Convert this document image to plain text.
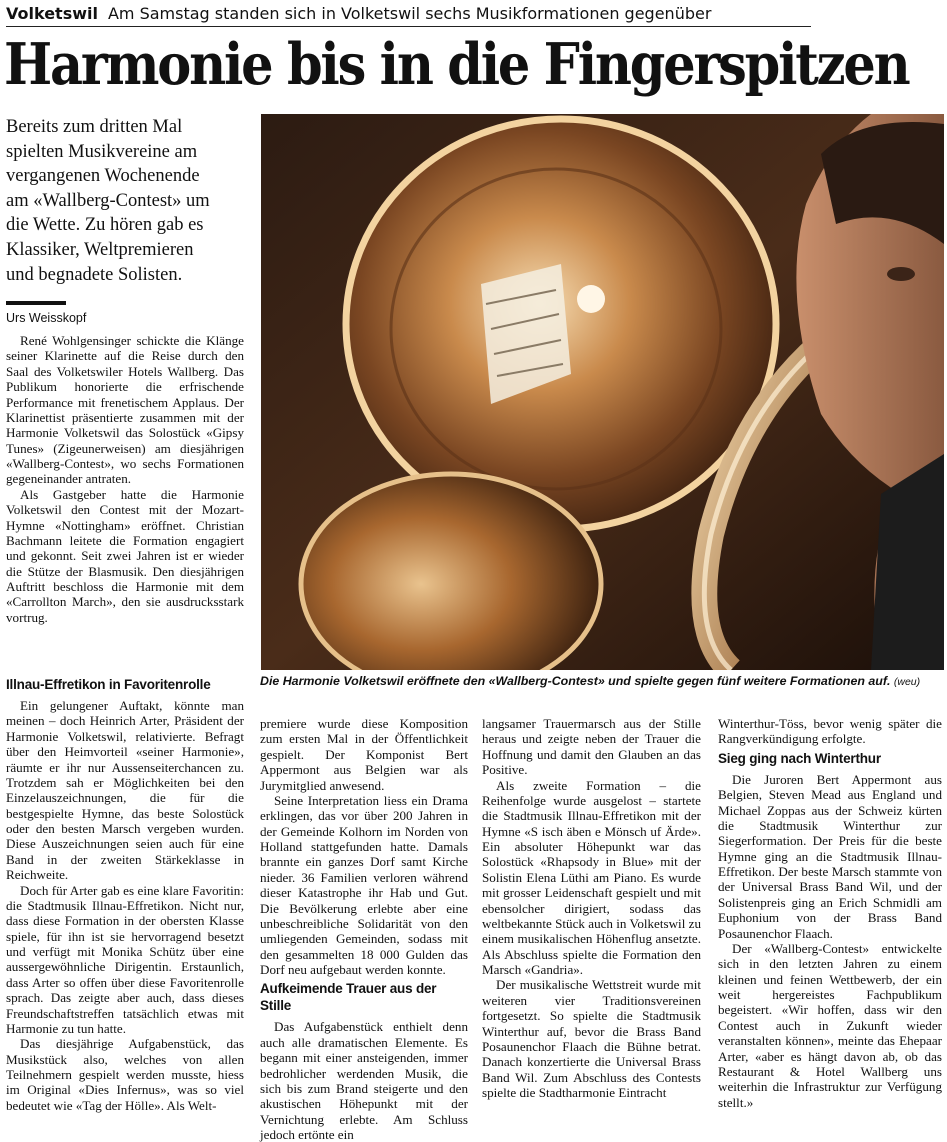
Volketswil Am Samstag standen sich in Volketswil sechs Musikformationen gegenüber
Harmonie bis in die Fingerspitzen
Bereits zum dritten Mal
spielten Musikvereine am
vergangenen Wochenende
am «Wallberg-Contest» um
die Wette. Zu hören gab es
Klassiker, Weltpremieren
und begnadete Solisten.
Urs Weisskopf

René Wohlgensinger schickte die Klänge seiner Klarinette auf die Reise durch den Saal des Volketswiler Hotels Wallberg. Das Publikum honorierte die erfrischende Performance mit frenetischem Applaus. Der Klarinettist präsentierte zusammen mit der Harmonie Volketswil das Solostück «Gipsy Tunes» (Zigeunerweisen) am diesjährigen «Wallberg-Contest», wo sechs Formationen gegeneinander antraten.

Als Gastgeber hatte die Harmonie Volketswil den Contest mit der Mozart-Hymne «Nottingham» eröffnet. Christian Bachmann leitete die Formation engagiert und gekonnt. Seit zwei Jahren ist er wieder die Stütze der Blasmusik. Den diesjährigen Auftritt beschloss die Harmonie mit dem «Carrollton March», den sie ausdrucksstark vortrug.

Illnau-Effretikon in Favoritenrolle

Ein gelungener Auftakt, könnte man meinen – doch Heinrich Arter, Präsident der Harmonie Volketswil, relativierte. Befragt über den Heimvorteil «seiner Harmonie», räumte er ihr nur Aussenseiterchancen zu. Trotzdem sah er Möglichkeiten bei den Einzelauszeichnungen, die für die bestgespielte Hymne, das beste Solostück oder den besten Marsch vergeben wurden. Diese Auszeichnungen seien auch für eine Band in der zweiten Stärkeklasse in Reichweite.

Doch für Arter gab es eine klare Favoritin: die Stadtmusik Illnau-Effretikon. Nicht nur, dass diese Formation in der obersten Klasse spiele, für ihn ist sie hervorragend besetzt und verfügt mit Monika Schütz über eine aussergewöhnliche Dirigentin. Erstaunlich, dass Arter so offen über diese Favoritenrolle sprach. Das zeigte aber auch, dass dieses Freundschaftstreffen tatsächlich etwas mit Harmonie zu tun hatte.

Das diesjährige Aufgabenstück, das Musikstück also, welches von allen Teilnehmern gespielt werden musste, hiess im Original «Dies Infernus», was so viel bedeutet wie «Tag der Hölle». Als Welt-

Die Harmonie Volketswil eröffnete den «Wallberg-Contest» und spielte gegen fünf weitere Formationen auf. (weu)

premiere wurde diese Komposition zum ersten Mal in der Öffentlichkeit gespielt. Der Komponist Bert Appermont aus Belgien war als Jurymitglied anwesend.

Seine Interpretation liess ein Drama erklingen, das vor über 200 Jahren in der Gemeinde Kolhorn im Norden von Holland stattgefunden hatte. Damals brannte ein ganzes Dorf samt Kirche nieder. 36 Familien verloren während dieser Katastrophe ihr Hab und Gut. Die Bevölkerung erlebte aber eine unbeschreibliche Solidarität von den umliegenden Gemeinden, sodass mit den gesammelten 18 000 Gulden das Dorf neu aufgebaut werden konnte.

Aufkeimende Trauer aus der Stille

Das Aufgabenstück enthielt denn auch alle dramatischen Elemente. Es begann mit einer ansteigenden, immer bedrohlicher werdenden Musik, die sich bis zum Brand steigerte und den akustischen Höhepunkt mit der Vernichtung erlebte. Am Schluss jedoch ertönte ein

langsamer Trauermarsch aus der Stille heraus und zeigte neben der Trauer die Hoffnung und damit den Glauben an das Positive.

Als zweite Formation – die Reihenfolge wurde ausgelost – startete die Stadtmusik Illnau-Effretikon mit der Hymne «S isch äben e Mönsch uf Ärde». Ein absoluter Höhepunkt war das Solostück «Rhapsody in Blue» mit der Solistin Elena Lüthi am Piano. Es wurde mit grosser Leidenschaft gespielt und mit ebensolcher dirigiert, sodass das weltbekannte Stück auch in Volketswil zu einem musikalischen Höhenflug ansetzte. Als Abschluss spielte die Formation den Marsch «Gandria».

Der musikalische Wettstreit wurde mit weiteren vier Traditionsvereinen fortgesetzt. So spielte die Stadtmusik Winterthur auf, bevor die Brass Band Posaunenchor Flaach die Bühne betrat. Danach konzertierte die Universal Brass Band Wil. Zum Abschluss des Contests spielte die Stadtharmonie Eintracht

Winterthur-Töss, bevor wenig später die Rangverkündigung erfolgte.

Sieg ging nach Winterthur

Die Juroren Bert Appermont aus Belgien, Steven Mead aus England und Michael Zoppas aus der Schweiz kürten die Stadtmusik Winterthur zur Siegerformation. Der Preis für die beste Hymne ging an die Stadtmusik Illnau-Effretikon. Der beste Marsch stammte von der Universal Brass Band Wil, und der Solistenpreis ging an Erich Schmidli am Euphonium von der Brass Band Posaunenchor Flaach.

Der «Wallberg-Contest» entwickelte sich in den letzten Jahren zu einem kleinen und feinen Wettbewerb, der ein weit hergereistes Fachpublikum begeistert. «Wir hoffen, dass wir den Contest auch in Zukunft wieder veranstalten können», meinte das Ehepaar Arter, «aber es hängt davon ab, ob das Restaurant & Hotel Wallberg uns weiterhin die Infrastruktur zur Verfügung stellt.»
